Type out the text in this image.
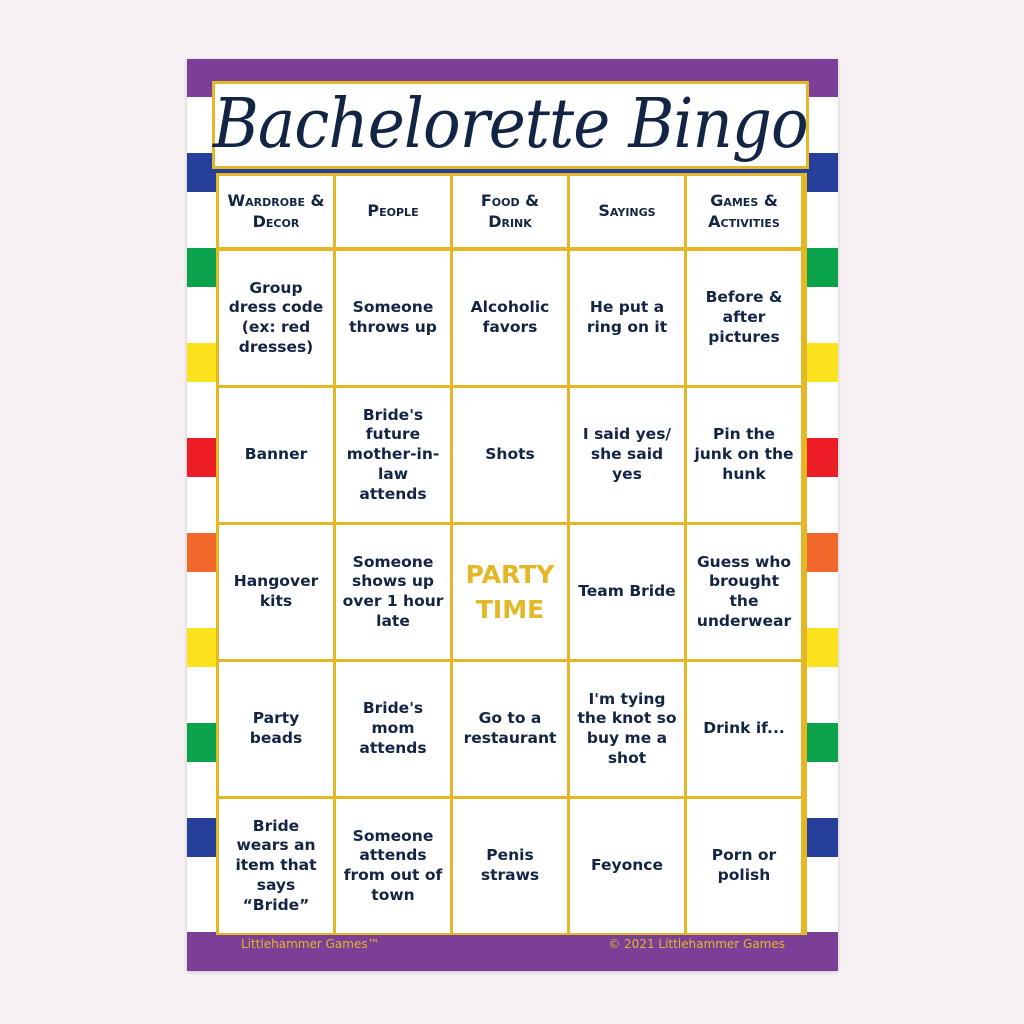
Bachelorette Bingo
Wardrobe & Decor
People
Food & Drink
Sayings
Games & Activities
Group dress code (ex: red dresses)
Someone throws up
Alcoholic favors
He put a ring on it
Before & after pictures
Banner
Bride's future mother-in-law attends
Shots
I said yes/ she said yes
Pin the junk on the hunk
Hangover kits
Someone shows up over 1 hour late
PARTY TIME
Team Bride
Guess who brought the underwear
Party beads
Bride's mom attends
Go to a restaurant
I'm tying the knot so buy me a shot
Drink if...
Bride wears an item that says “Bride”
Someone attends from out of town
Penis straws
Feyonce
Porn or polish
Littlehammer Games™	© 2021 Littlehammer Games
